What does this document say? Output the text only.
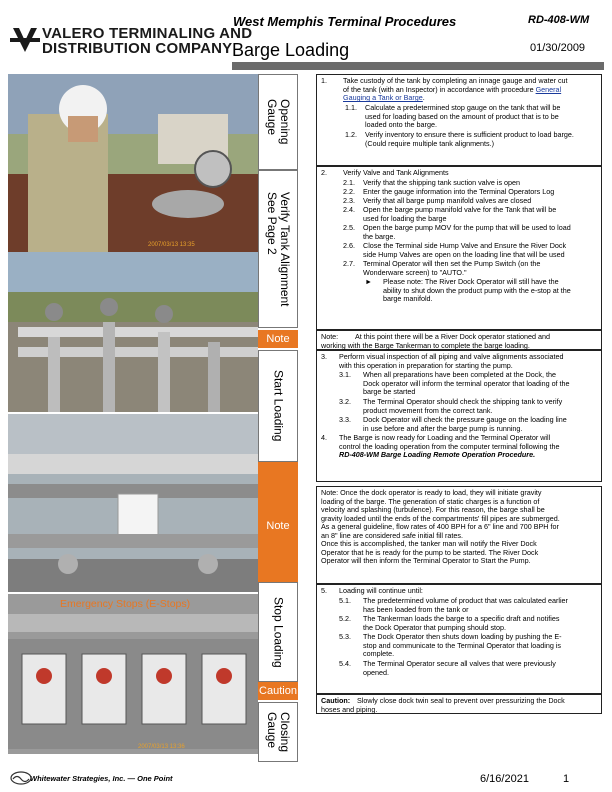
VALERO TERMINALING AND
DISTRIBUTION COMPANY
West Memphis Terminal Procedures	RD-408-WM
Barge Loading	01/30/2009
2007/03/13 13:35
2007/03/13 13:36
Emergency Stops (E-Stops)
Opening
Gauge
Verify Tank Alignment
See Page 2
Note
Start Loading
Note
Stop Loading
Caution
Closing
Gauge
1. Take custody of the tank by completing an innage gauge and water cut
of the tank (with an Inspector) in accordance with procedure General
Gauging a Tank or Barge.
1.1. Calculate a predetermined stop gauge on the tank that will be
used for loading based on the amount of product that is to be
loaded onto the barge.
1.2. Verify inventory to ensure there is sufficient product to load barge.
(Could require multiple tank alignments.)
2. Verify Valve and Tank Alignments
2.1. Verify that the shipping tank suction valve is open
2.2. Enter the gauge information into the Terminal Operators Log
2.3. Verify that all barge pump manifold valves are closed
2.4. Open the barge pump manifold valve for the Tank that will be
used for loading the barge
2.5. Open the barge pump MOV for the pump that will be used to load
the barge.
2.6. Close the Terminal side Hump Valve and Ensure the River Dock
side Hump Valves are open on the loading line that will be used
2.7. Terminal Operator will then set the Pump Switch (on the
Wonderware screen) to "AUTO."
► Please note: The River Dock Operator will still have the
ability to shut down the product pump with the e-stop at the
barge manifold.
Note: At this point there will be a River Dock operator stationed and
working with the Barge Tankerman to complete the barge loading.
3. Perform visual inspection of all piping and valve alignments associated
with this operation in preparation for starting the pump.
3.1. When all preparations have been completed at the Dock, the
Dock operator will inform the terminal operator that loading of the
barge be started
3.2. The Terminal Operator should check the shipping tank to verify
product movement from the correct tank.
3.3. Dock Operator will check the pressure gauge on the loading line
in use before and after the barge pump is running.
4. The Barge is now ready for Loading and the Terminal Operator will
control the loading operation from the computer terminal following the
RD-408-WM Barge Loading Remote Operation Procedure.
Note: Once the dock operator is ready to load, they will initiate gravity
loading of the barge. The generation of static charges is a function of
velocity and splashing (turbulence). For this reason, the barge shall be
gravity loaded until the ends of the compartments' fill pipes are submerged.
As a general guideline, flow rates of 400 BPH for a 6" line and 700 BPH for
an 8" line are considered safe initial fill rates.
Once this is accomplished, the tanker man will notify the River Dock
Operator that he is ready for the pump to be started. The River Dock
Operator will then inform the Terminal Operator to Start the Pump.
5. Loading will continue until:
5.1. The predetermined volume of product that was calculated earlier
has been loaded from the tank or
5.2. The Tankerman loads the barge to a specific draft and notifies
the Dock Operator that pumping should stop.
5.3. The Dock Operator then shuts down loading by pushing the E-
stop and communicate to the Terminal Operator that loading is
complete.
5.4. The Terminal Operator secure all valves that were previously
opened.
Caution: Slowly close dock twin seal to prevent over pressurizing the Dock
hoses and piping.
Whitewater Strategies, Inc. — One Point	6/16/2021	1
